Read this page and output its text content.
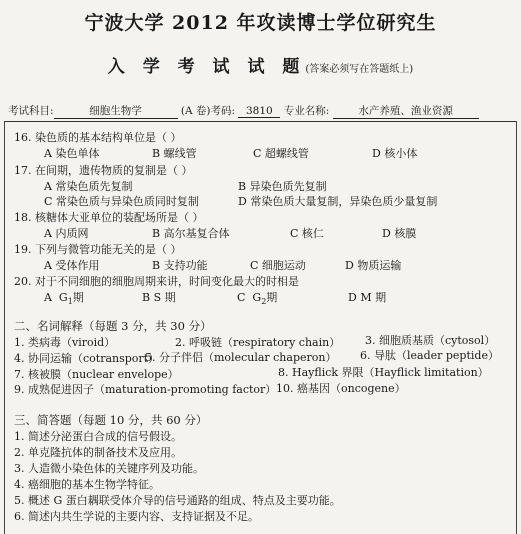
宁波大学 2012 年攻读博士学位研究生
入 学 考 试 试 题(答案必须写在答题纸上)
考试科目:	细胞生物学	(A 卷)考码: 3810 专业名称: 水产养殖、渔业资源
16. 染色质的基本结构单位是（ ）
A 染色单体	B 螺线管	C 超螺线管	D 核小体
17. 在间期，遗传物质的复制是（ ）
A 常染色质先复制	B 异染色质先复制
C 常染色质与异染色质同时复制	D 常染色质大量复制，异染色质少量复制
18. 核糖体大亚单位的装配场所是（ ）
A 内质网	B 高尔基复合体	C 核仁	D 核膜
19. 下列与微管功能无关的是（ ）
A 受体作用	B 支持功能	C 细胞运动	D 物质运输
20. 对于不同细胞的细胞周期来讲，时间变化最大的时相是
A  $G_1$期	B S 期	C  $G_2$期	D M 期
二、名词解释（每题 3 分，共 30 分）
1. 类病毒（viroid）	2. 呼吸链（respiratory chain） 3. 细胞质基质（cytosol）
4. 协同运输（cotransport）
5. 分子伴侣（molecular chaperon） 6. 导肽（leader peptide）
7. 核被膜（nuclear envelope）	8. Hayflick 界限（Hayflick limitation）
9. 成熟促进因子（maturation-promoting factor） 10. 癌基因（oncogene）
三、简答题（每题 10 分，共 60 分）
1. 简述分泌蛋白合成的信号假设。
2. 单克隆抗体的制备技术及应用。
3. 人造微小染色体的关键序列及功能。
4. 癌细胞的基本生物学特征。
5. 概述 G 蛋白耦联受体介导的信号通路的组成、特点及主要功能。
6. 简述内共生学说的主要内容、支持证据及不足。
